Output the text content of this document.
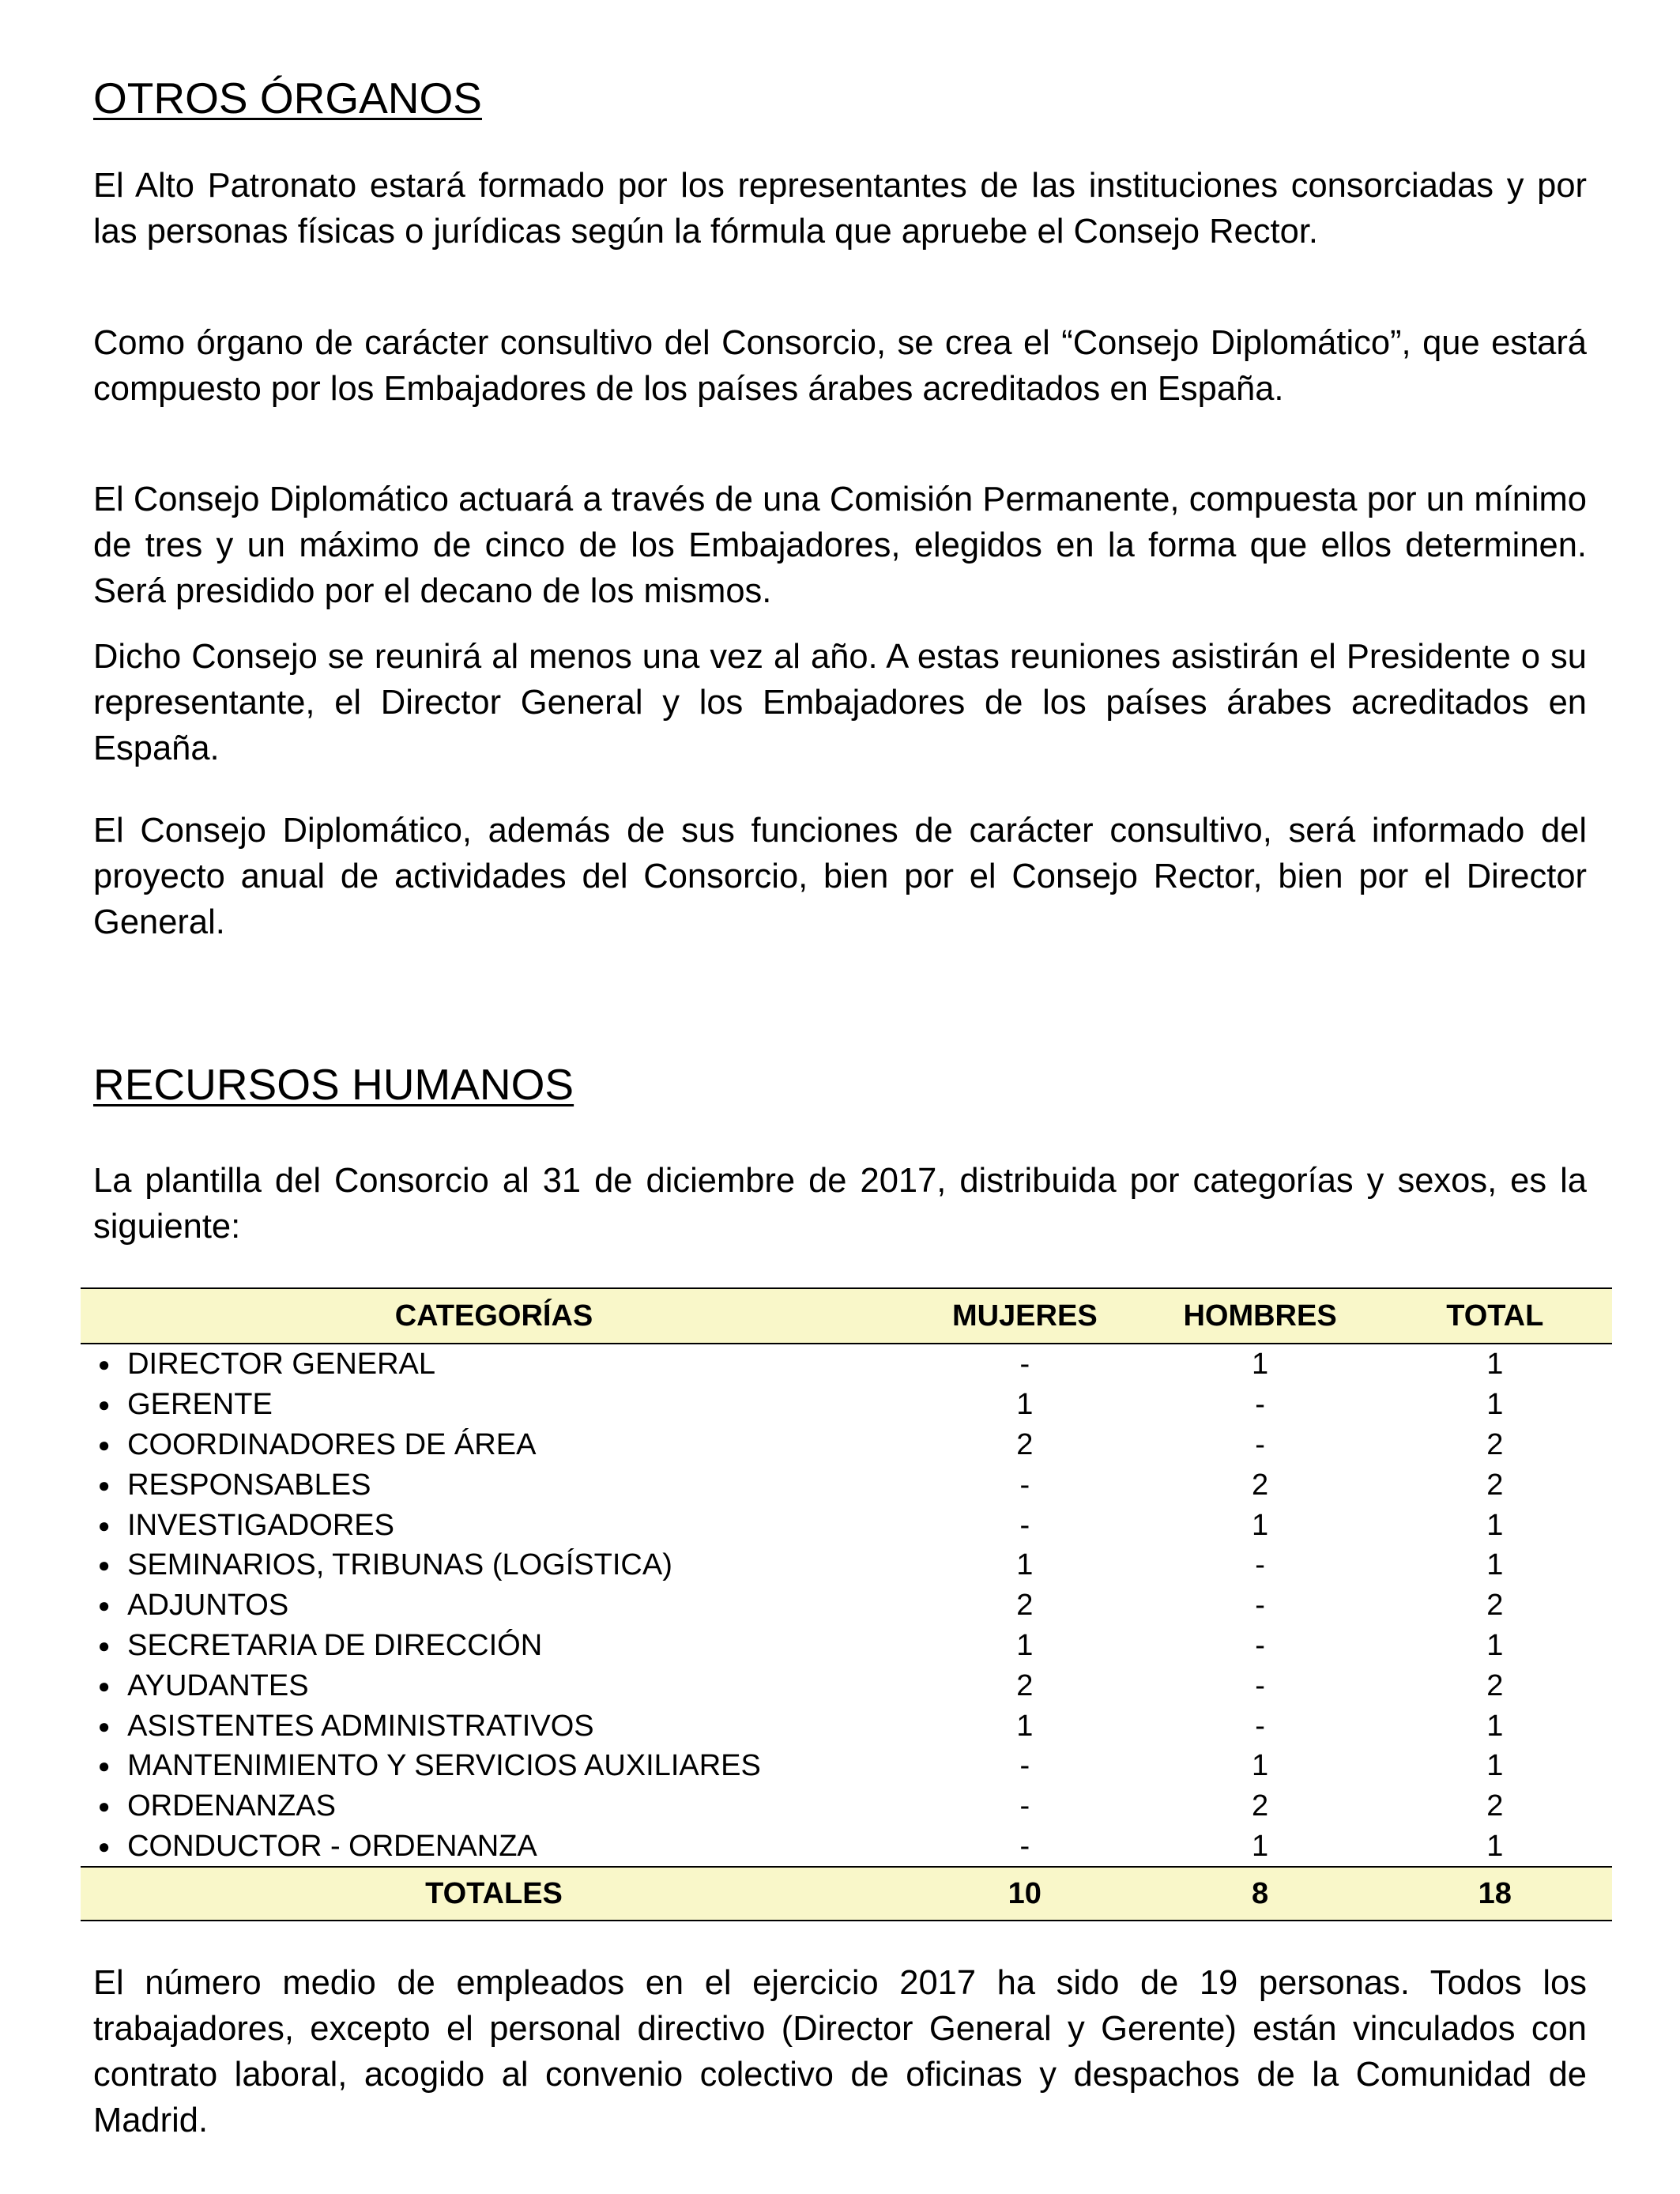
OTROS ÓRGANOS

El Alto Patronato estará formado por los representantes de las instituciones consorciadas y por las personas físicas o jurídicas según la fórmula que apruebe el Consejo Rector.

Como órgano de carácter consultivo del Consorcio, se crea el “Consejo Diplomático”, que estará compuesto por los Embajadores de los países árabes acreditados en España.

El Consejo Diplomático actuará a través de una Comisión Permanente, compuesta por un mínimo de tres y un máximo de cinco de los Embajadores, elegidos en la forma que ellos determinen. Será presidido por el decano de los mismos.

Dicho Consejo se reunirá al menos una vez al año. A estas reuniones asistirán el Presidente o su representante, el Director General y los Embajadores de los países árabes acreditados en España.

El Consejo Diplomático, además de sus funciones de carácter consultivo, será informado del proyecto anual de actividades del Consorcio, bien por el Consejo Rector, bien por el Director General.

RECURSOS HUMANOS

La plantilla del Consorcio al 31 de diciembre de 2017, distribuida por categorías y sexos, es la siguiente:

CATEGORÍAS		MUJERES	HOMBRES	TOTAL
●	DIRECTOR GENERAL	-	1	1
●	GERENTE	1	-	1
●	COORDINADORES DE ÁREA	2	-	2
●	RESPONSABLES	-	2	2
●	INVESTIGADORES	-	1	1
●	SEMINARIOS, TRIBUNAS (LOGÍSTICA)	1	-	1
●	ADJUNTOS	2	-	2
●	SECRETARIA DE DIRECCIÓN	1	-	1
●	AYUDANTES	2	-	2
●	ASISTENTES ADMINISTRATIVOS	1	-	1
●	MANTENIMIENTO Y SERVICIOS AUXILIARES	-	1	1
●	ORDENANZAS	-	2	2
●	CONDUCTOR - ORDENANZA	-	1	1
TOTALES		10	8	18

El número medio de empleados en el ejercicio 2017 ha sido de 19 personas. Todos los trabajadores, excepto el personal directivo (Director General y Gerente) están vinculados con contrato laboral, acogido al convenio colectivo de oficinas y despachos de la Comunidad de Madrid.
